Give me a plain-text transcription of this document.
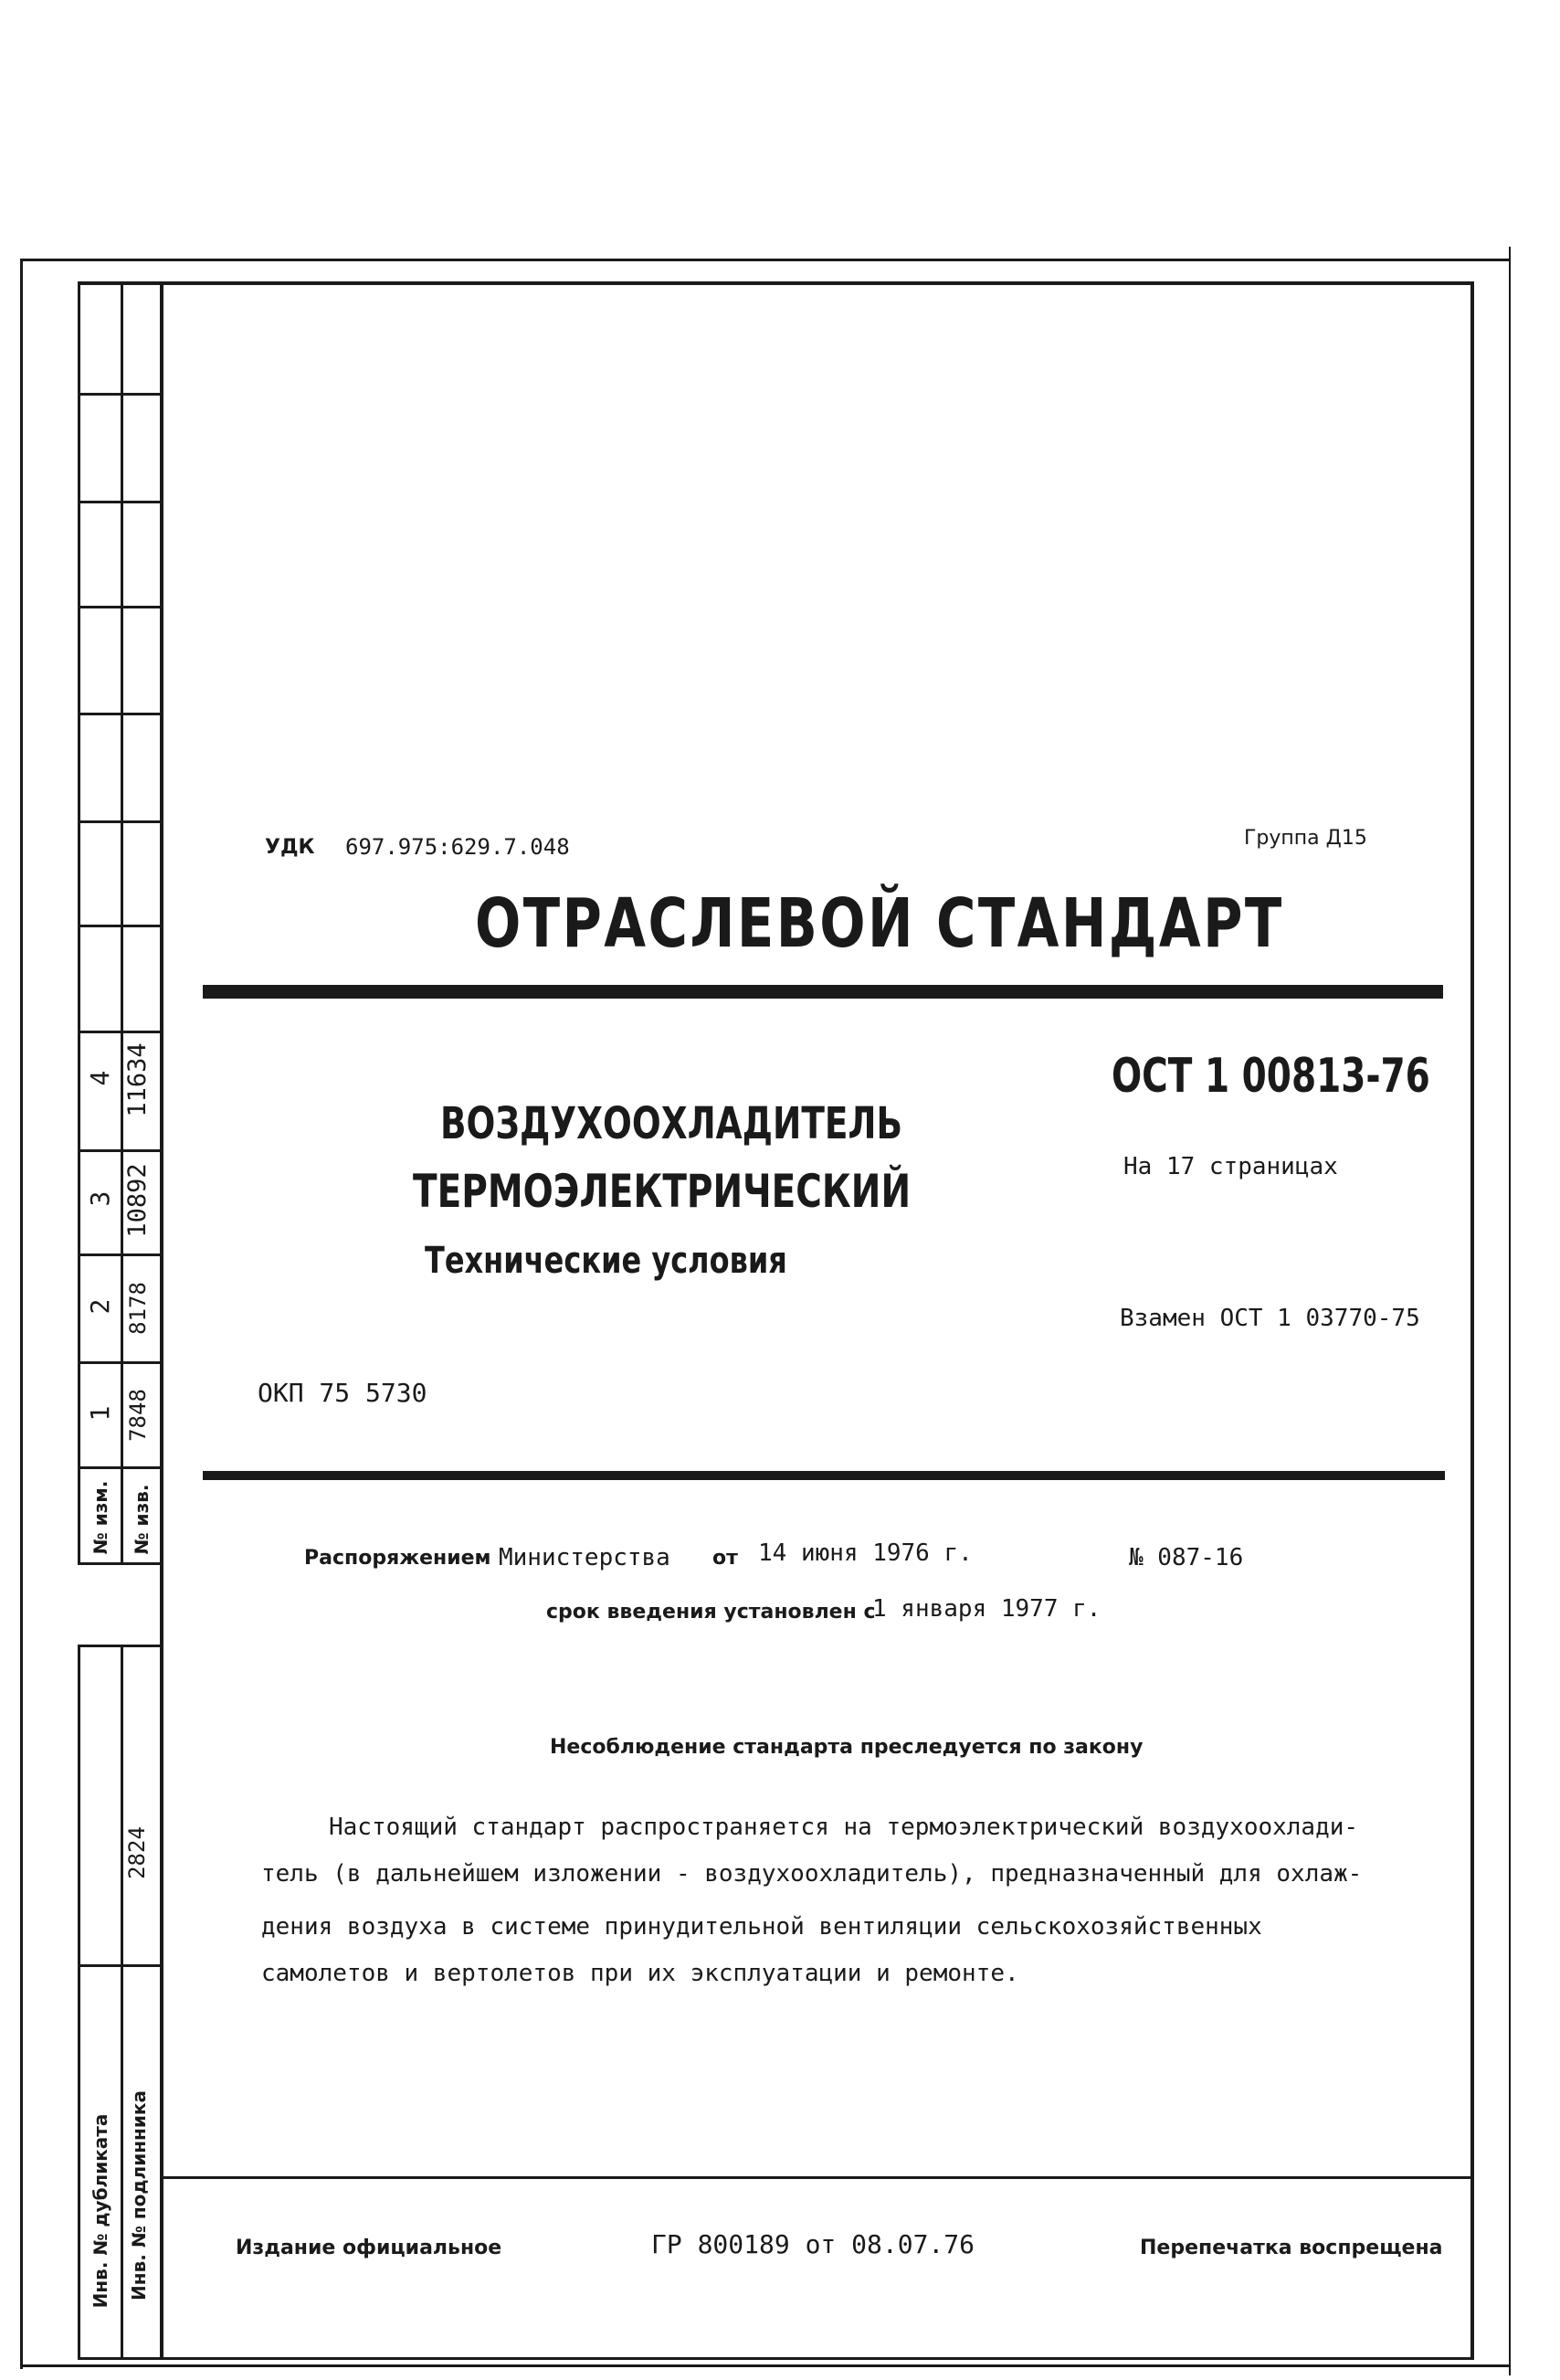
4 11634
3 10892
2 8178
1 7848
№ изм. № изв.
2824
Инв. № дубликата Инв. № подлинника
УДК 697.975:629.7.048	Группа Д15
ОТРАСЛЕВОЙ СТАНДАРТ
ВОЗДУХООХЛАДИТЕЛЬ
ТЕРМОЭЛЕКТРИЧЕСКИЙ
Технические условия
ОКП 75 5730
ОСТ 1 00813-76
На 17 страницах
Взамен ОСТ 1 03770-75
Распоряжением Министерства от 14 июня 1976 г.	№ 087-16
срок введения установлен с
1 января 1977 г.
Несоблюдение стандарта преследуется по закону
Настоящий стандарт распространяется на термоэлектрический воздухоохлади-
тель (в дальнейшем изложении - воздухоохладитель), предназначенный для охлаж-
дения воздуха в системе принудительной вентиляции сельскохозяйственных
самолетов и вертолетов при их эксплуатации и ремонте.
Издание официальное	ГР 800189 от 08.07.76	Перепечатка воспрещена
